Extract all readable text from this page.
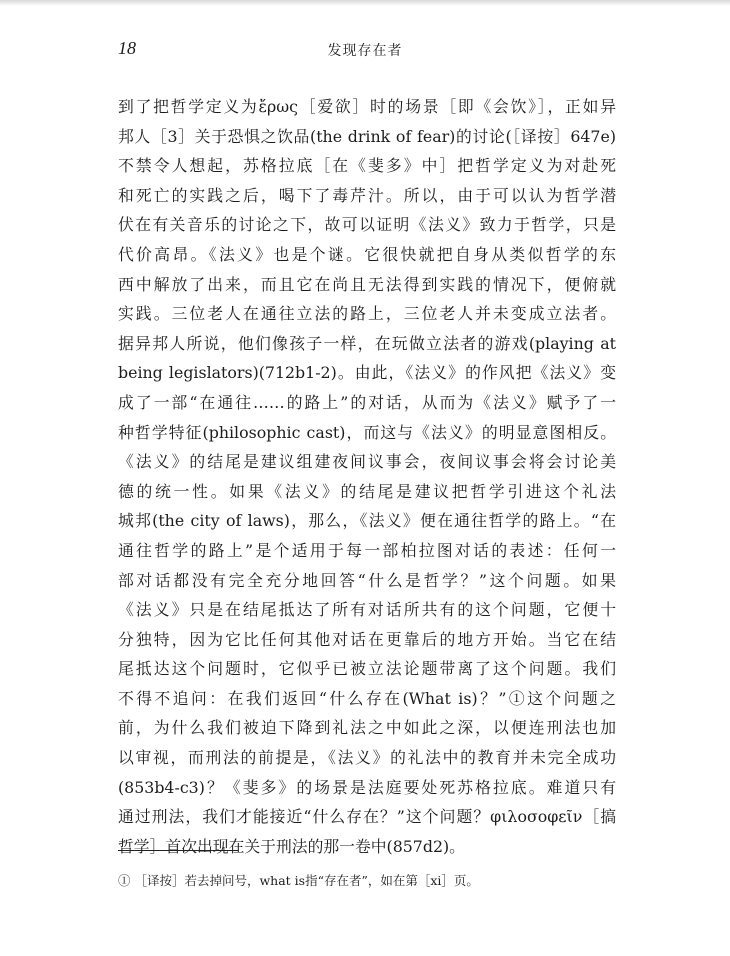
18	发现存在者
到了把哲学定义为ἔρως［爱欲］时的场景［即《会饮》］，正如异
邦人［3］关于恐惧之饮品(the drink of fear)的讨论(［译按］647e)
不禁令人想起，苏格拉底［在《斐多》中］把哲学定义为对赴死
和死亡的实践之后，喝下了毒芹汁。所以，由于可以认为哲学潜
伏在有关音乐的讨论之下，故可以证明《法义》致力于哲学，只是
代价高昂。《法义》也是个谜。它很快就把自身从类似哲学的东
西中解放了出来，而且它在尚且无法得到实践的情况下，便俯就
实践。三位老人在通往立法的路上，三位老人并未变成立法者。
据异邦人所说，他们像孩子一样，在玩做立法者的游戏(playing at
being legislators)(712b1-2)。由此，《法义》的作风把《法义》变
成了一部“在通往……的路上”的对话，从而为《法义》赋予了一
种哲学特征(philosophic cast)，而这与《法义》的明显意图相反。
《法义》的结尾是建议组建夜间议事会，夜间议事会将会讨论美
德的统一性。如果《法义》的结尾是建议把哲学引进这个礼法
城邦(the city of laws)，那么，《法义》便在通往哲学的路上。“在
通往哲学的路上”是个适用于每一部柏拉图对话的表述：任何一
部对话都没有完全充分地回答“什么是哲学？”这个问题。如果
《法义》只是在结尾抵达了所有对话所共有的这个问题，它便十
分独特，因为它比任何其他对话在更靠后的地方开始。当它在结
尾抵达这个问题时，它似乎已被立法论题带离了这个问题。我们
不得不追问：在我们返回“什么存在(What is)？”①这个问题之
前，为什么我们被迫下降到礼法之中如此之深，以便连刑法也加
以审视，而刑法的前提是，《法义》的礼法中的教育并未完全成功
(853b4-c3)？《斐多》的场景是法庭要处死苏格拉底。难道只有
通过刑法，我们才能接近“什么存在？”这个问题？φιλοσοφεῖν［搞
哲学］首次出现在关于刑法的那一卷中(857d2)。
① ［译按］若去掉问号，what is指“存在者”，如在第［xi］页。
